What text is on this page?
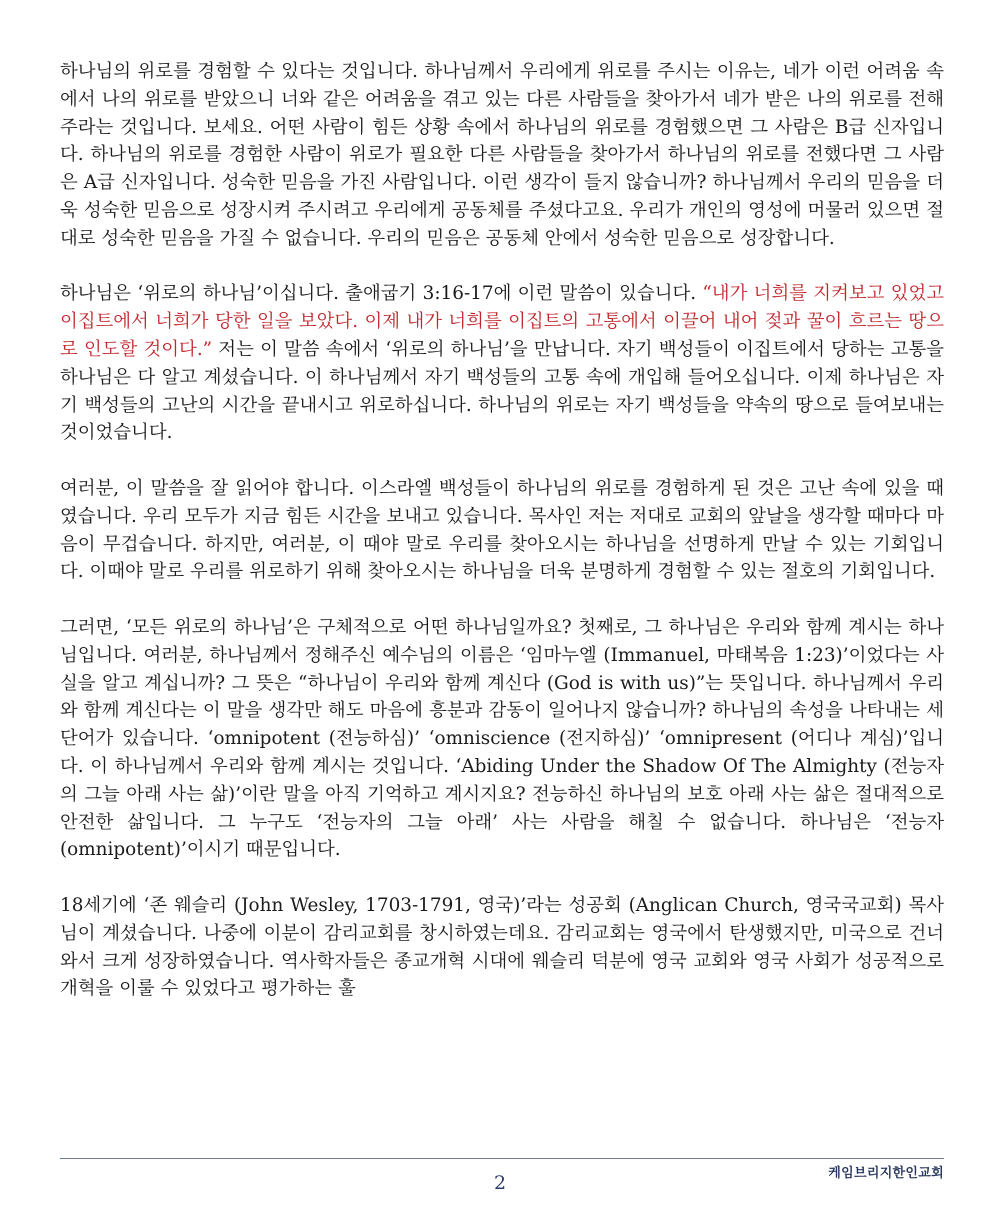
하나님의 위로를 경험할 수 있다는 것입니다. 하나님께서 우리에게 위로를 주시는 이유는, 네가 이런 어려움 속에서 나의 위로를 받았으니 너와 같은 어려움을 겪고 있는 다른 사람들을 찾아가서 네가 받은 나의 위로를 전해주라는 것입니다. 보세요. 어떤 사람이 힘든 상황 속에서 하나님의 위로를 경험했으면 그 사람은 B급 신자입니다. 하나님의 위로를 경험한 사람이 위로가 필요한 다른 사람들을 찾아가서 하나님의 위로를 전했다면 그 사람은 A급 신자입니다. 성숙한 믿음을 가진 사람입니다. 이런 생각이 들지 않습니까? 하나님께서 우리의 믿음을 더욱 성숙한 믿음으로 성장시켜 주시려고 우리에게 공동체를 주셨다고요. 우리가 개인의 영성에 머물러 있으면 절대로 성숙한 믿음을 가질 수 없습니다. 우리의 믿음은 공동체 안에서 성숙한 믿음으로 성장합니다.

하나님은 ‘위로의 하나님’이십니다. 출애굽기 3:16-17에 이런 말씀이 있습니다. “내가 너희를 지켜보고 있었고 이집트에서 너희가 당한 일을 보았다. 이제 내가 너희를 이집트의 고통에서 이끌어 내어 젖과 꿀이 흐르는 땅으로 인도할 것이다.” 저는 이 말씀 속에서 ‘위로의 하나님’을 만납니다. 자기 백성들이 이집트에서 당하는 고통을 하나님은 다 알고 계셨습니다. 이 하나님께서 자기 백성들의 고통 속에 개입해 들어오십니다. 이제 하나님은 자기 백성들의 고난의 시간을 끝내시고 위로하십니다. 하나님의 위로는 자기 백성들을 약속의 땅으로 들여보내는 것이었습니다.

여러분, 이 말씀을 잘 읽어야 합니다. 이스라엘 백성들이 하나님의 위로를 경험하게 된 것은 고난 속에 있을 때였습니다. 우리 모두가 지금 힘든 시간을 보내고 있습니다. 목사인 저는 저대로 교회의 앞날을 생각할 때마다 마음이 무겁습니다. 하지만, 여러분, 이 때야 말로 우리를 찾아오시는 하나님을 선명하게 만날 수 있는 기회입니다. 이때야 말로 우리를 위로하기 위해 찾아오시는 하나님을 더욱 분명하게 경험할 수 있는 절호의 기회입니다.

그러면, ‘모든 위로의 하나님’은 구체적으로 어떤 하나님일까요? 첫째로, 그 하나님은 우리와 함께 계시는 하나님입니다. 여러분, 하나님께서 정해주신 예수님의 이름은 ‘임마누엘 (Immanuel, 마태복음 1:23)’이었다는 사실을 알고 계십니까? 그 뜻은 “하나님이 우리와 함께 계신다 (God is with us)”는 뜻입니다. 하나님께서 우리와 함께 계신다는 이 말을 생각만 해도 마음에 흥분과 감동이 일어나지 않습니까? 하나님의 속성을 나타내는 세 단어가 있습니다. ‘omnipotent (전능하심)’ ‘omniscience (전지하심)’ ‘omnipresent (어디나 계심)’입니다. 이 하나님께서 우리와 함께 계시는 것입니다. ‘Abiding Under the Shadow Of The Almighty (전능자의 그늘 아래 사는 삶)’이란 말을 아직 기억하고 계시지요? 전능하신 하나님의 보호 아래 사는 삶은 절대적으로 안전한 삶입니다. 그 누구도 ‘전능자의 그늘 아래’ 사는 사람을 해칠 수 없습니다. 하나님은 ‘전능자 (omnipotent)’이시기 때문입니다.

18세기에 ‘존 웨슬리 (John Wesley, 1703-1791, 영국)’라는 성공회 (Anglican Church, 영국국교회) 목사님이 계셨습니다. 나중에 이분이 감리교회를 창시하였는데요. 감리교회는 영국에서 탄생했지만, 미국으로 건너와서 크게 성장하였습니다. 역사학자들은 종교개혁 시대에 웨슬리 덕분에 영국 교회와 영국 사회가 성공적으로 개혁을 이룰 수 있었다고 평가하는 훌

케임브리지한인교회
2
